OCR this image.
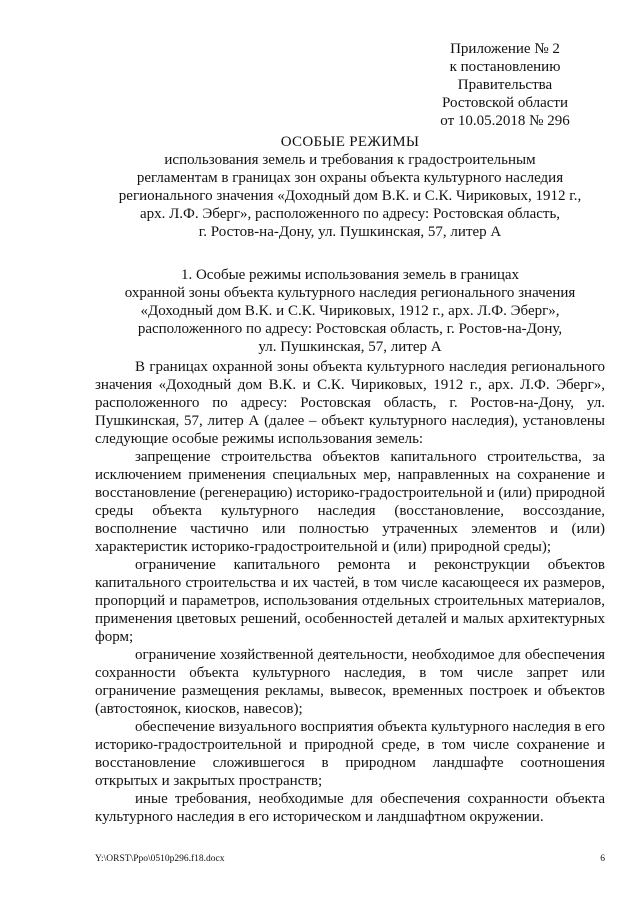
Приложение № 2
к постановлению
Правительства
Ростовской области
от 10.05.2018 № 296
ОСОБЫЕ РЕЖИМЫ
использования земель и требования к градостроительным
регламентам в границах зон охраны объекта культурного наследия
регионального значения «Доходный дом В.К. и С.К. Чириковых, 1912 г.,
арх. Л.Ф. Эберг», расположенного по адресу: Ростовская область,
г. Ростов-на-Дону, ул. Пушкинская, 57, литер А
1. Особые режимы использования земель в границах
охранной зоны объекта культурного наследия регионального значения
«Доходный дом В.К. и С.К. Чириковых, 1912 г., арх. Л.Ф. Эберг»,
расположенного по адресу: Ростовская область, г. Ростов-на-Дону,
ул. Пушкинская, 57, литер А

В границах охранной зоны объекта культурного наследия регионального значения «Доходный дом В.К. и С.К. Чириковых, 1912 г., арх. Л.Ф. Эберг», расположенного по адресу: Ростовская область, г. Ростов-на-Дону, ул. Пушкинская, 57, литер А (далее – объект культурного наследия), установлены следующие особые режимы использования земель:

запрещение строительства объектов капитального строительства, за исключением применения специальных мер, направленных на сохранение и восстановление (регенерацию) историко-градостроительной и (или) природной среды объекта культурного наследия (восстановление, воссоздание, восполнение частично или полностью утраченных элементов и (или) характеристик историко-градостроительной и (или) природной среды);

ограничение капитального ремонта и реконструкции объектов капитального строительства и их частей, в том числе касающееся их размеров, пропорций и параметров, использования отдельных строительных материалов, применения цветовых решений, особенностей деталей и малых архитектурных форм;

ограничение хозяйственной деятельности, необходимое для обеспечения сохранности объекта культурного наследия, в том числе запрет или ограничение размещения рекламы, вывесок, временных построек и объектов (автостоянок, киосков, навесов);

обеспечение визуального восприятия объекта культурного наследия в его историко-градостроительной и природной среде, в том числе сохранение и восстановление сложившегося в природном ландшафте соотношения открытых и закрытых пространств;

иные требования, необходимые для обеспечения сохранности объекта культурного наследия в его историческом и ландшафтном окружении.

Y:\ORST\Ppo\0510p296.f18.docx	6
